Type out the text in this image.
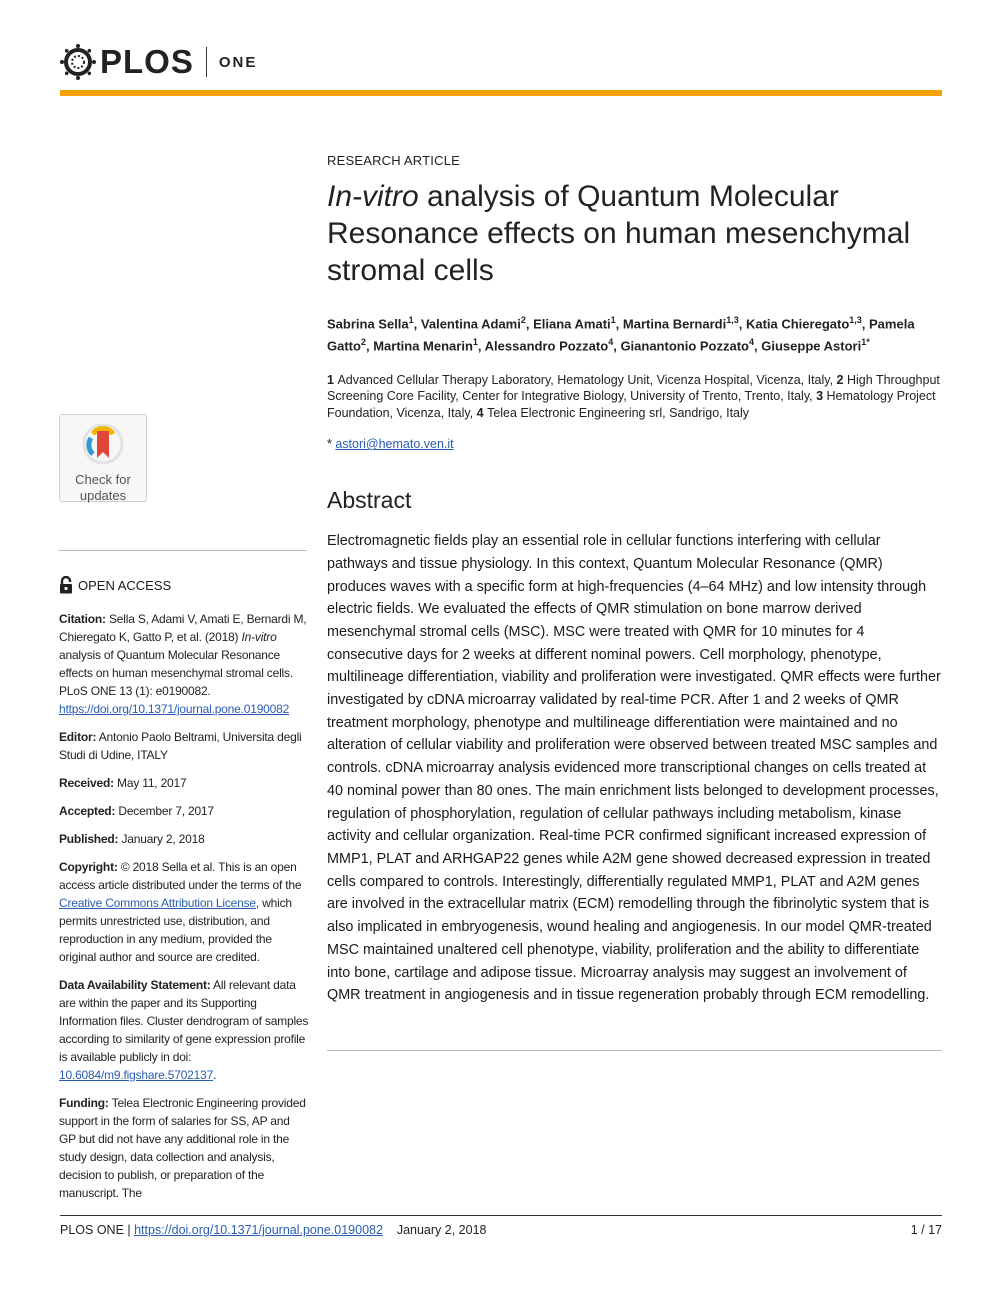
PLOS ONE
Check for
updates
OPEN ACCESS

Citation: Sella S, Adami V, Amati E, Bernardi M, Chieregato K, Gatto P, et al. (2018) In-vitro analysis of Quantum Molecular Resonance effects on human mesenchymal stromal cells. PLoS ONE 13 (1): e0190082. https://doi.org/10.1371/journal.pone.0190082

Editor: Antonio Paolo Beltrami, Universita degli Studi di Udine, ITALY

Received: May 11, 2017

Accepted: December 7, 2017

Published: January 2, 2018

Copyright: © 2018 Sella et al. This is an open access article distributed under the terms of the Creative Commons Attribution License, which permits unrestricted use, distribution, and reproduction in any medium, provided the original author and source are credited.

Data Availability Statement: All relevant data are within the paper and its Supporting Information files. Cluster dendrogram of samples according to similarity of gene expression profile is available publicly in doi: 10.6084/m9.figshare.5702137.

Funding: Telea Electronic Engineering provided support in the form of salaries for SS, AP and GP but did not have any additional role in the study design, data collection and analysis, decision to publish, or preparation of the manuscript. The

RESEARCH ARTICLE
In-vitro analysis of Quantum Molecular Resonance effects on human mesenchymal stromal cells
Sabrina Sella$^1$, Valentina Adami$^2$, Eliana Amati$^1$, Martina Bernardi$^{1,3}$, Katia Chieregato$^{1,3}$, Pamela Gatto$^2$, Martina Menarin$^1$, Alessandro Pozzato$^4$, Gianantonio Pozzato$^4$, Giuseppe Astori$^{1*}$
1 Advanced Cellular Therapy Laboratory, Hematology Unit, Vicenza Hospital, Vicenza, Italy, 2 High Throughput Screening Core Facility, Center for Integrative Biology, University of Trento, Trento, Italy, 3 Hematology Project Foundation, Vicenza, Italy, 4 Telea Electronic Engineering srl, Sandrigo, Italy
* astori@hemato.ven.it
Abstract
Electromagnetic fields play an essential role in cellular functions interfering with cellular pathways and tissue physiology. In this context, Quantum Molecular Resonance (QMR) produces waves with a specific form at high-frequencies (4–64 MHz) and low intensity through electric fields. We evaluated the effects of QMR stimulation on bone marrow derived mesenchymal stromal cells (MSC). MSC were treated with QMR for 10 minutes for 4 consecutive days for 2 weeks at different nominal powers. Cell morphology, phenotype, multilineage differentiation, viability and proliferation were investigated. QMR effects were further investigated by cDNA microarray validated by real-time PCR. After 1 and 2 weeks of QMR treatment morphology, phenotype and multilineage differentiation were maintained and no alteration of cellular viability and proliferation were observed between treated MSC samples and controls. cDNA microarray analysis evidenced more transcriptional changes on cells treated at 40 nominal power than 80 ones. The main enrichment lists belonged to development processes, regulation of phosphorylation, regulation of cellular pathways including metabolism, kinase activity and cellular organization. Real-time PCR confirmed significant increased expression of MMP1, PLAT and ARHGAP22 genes while A2M gene showed decreased expression in treated cells compared to controls. Interestingly, differentially regulated MMP1, PLAT and A2M genes are involved in the extracellular matrix (ECM) remodelling through the fibrinolytic system that is also implicated in embryogenesis, wound healing and angiogenesis. In our model QMR-treated MSC maintained unaltered cell phenotype, viability, proliferation and the ability to differentiate into bone, cartilage and adipose tissue. Microarray analysis may suggest an involvement of QMR treatment in angiogenesis and in tissue regeneration probably through ECM remodelling.
PLOS ONE | https://doi.org/10.1371/journal.pone.0190082 January 2, 2018	1 / 17
